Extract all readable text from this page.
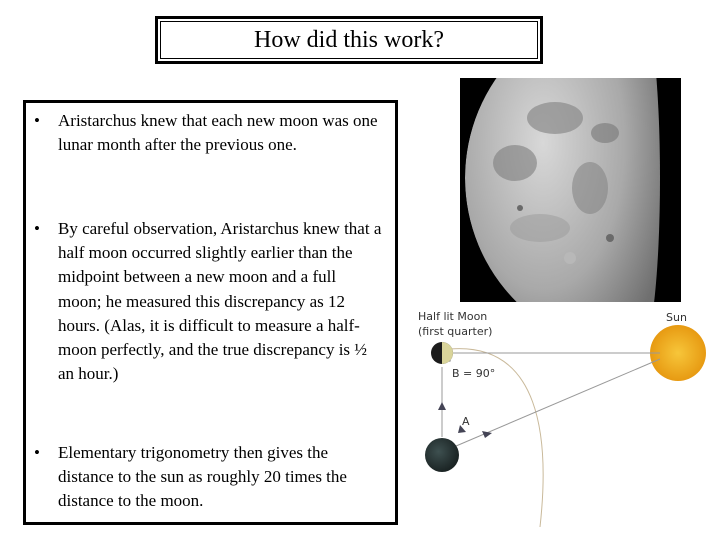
How did this work?
• Aristarchus knew that each new moon was one lunar month after the previous one.
• By careful observation, Aristarchus knew that a half moon occurred slightly earlier than the midpoint between a new moon and a full moon; he measured this discrepancy as 12 hours. (Alas, it is difficult to measure a half-moon perfectly, and the true discrepancy is ½ an hour.)
• Elementary trigonometry then gives the distance to the sun as roughly 20 times the distance to the moon.
Half lit Moon
(first quarter)
Sun
B = 90°
A
